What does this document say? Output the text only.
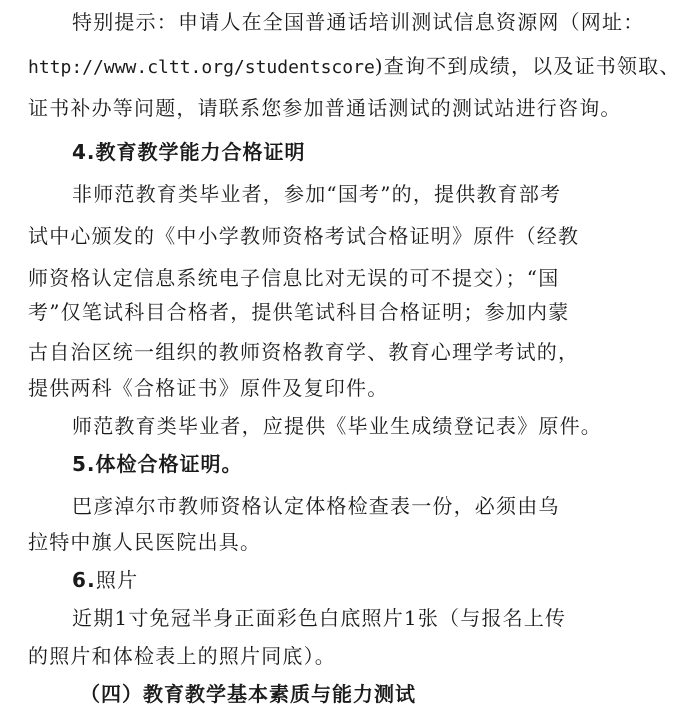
特别提示：申请人在全国普通话培训测试信息资源网（网址：
http://www.cltt.org/studentscore)查询不到成绩，以及证书领取、
证书补办等问题，请联系您参加普通话测试的测试站进行咨询。
4.教育教学能力合格证明
非师范教育类毕业者，参加“国考”的，提供教育部考
试中心颁发的《中小学教师资格考试合格证明》原件（经教
师资格认定信息系统电子信息比对无误的可不提交）；“国
考”仅笔试科目合格者，提供笔试科目合格证明；参加内蒙
古自治区统一组织的教师资格教育学、教育心理学考试的，
提供两科《合格证书》原件及复印件。
师范教育类毕业者，应提供《毕业生成绩登记表》原件。
5.体检合格证明。
巴彦淖尔市教师资格认定体格检查表一份，必须由乌
拉特中旗人民医院出具。
6.照片
近期1寸免冠半身正面彩色白底照片1张（与报名上传
的照片和体检表上的照片同底）。
（四）教育教学基本素质与能力测试
